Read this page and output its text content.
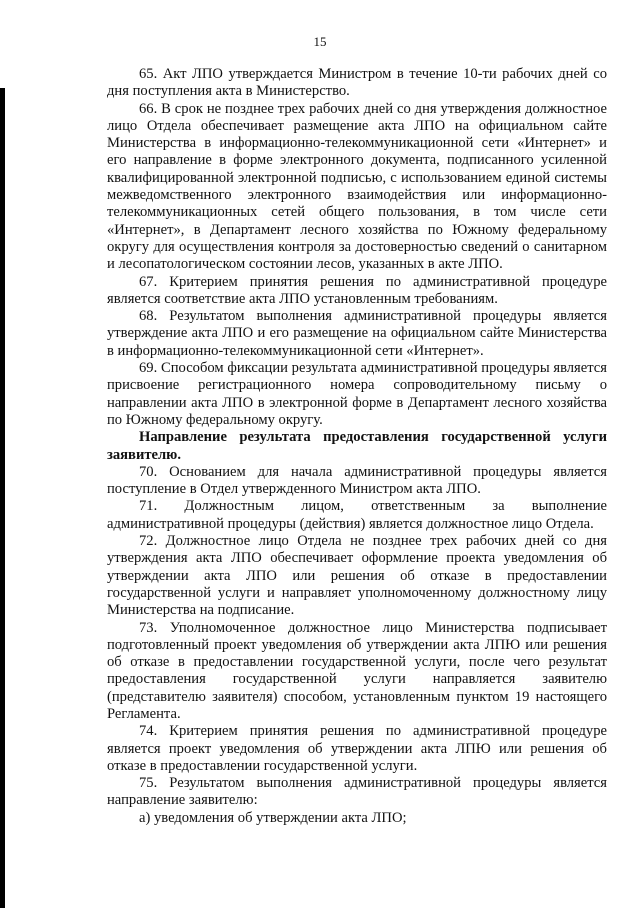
15

65. Акт ЛПО утверждается Министром в течение 10-ти рабочих дней со дня поступления акта в Министерство.

66. В срок не позднее трех рабочих дней со дня утверждения должностное лицо Отдела обеспечивает размещение акта ЛПО на официальном сайте Министерства в информационно-телекоммуникационной сети «Интернет» и его направление в форме электронного документа, подписанного усиленной квалифицированной электронной подписью, с использованием единой системы межведомственного электронного взаимодействия или информационно-телекоммуникационных сетей общего пользования, в том числе сети «Интернет», в Департамент лесного хозяйства по Южному федеральному округу для осуществления контроля за достоверностью сведений о санитарном и лесопатологическом состоянии лесов, указанных в акте ЛПО.

67. Критерием принятия решения по административной процедуре является соответствие акта ЛПО установленным требованиям.

68. Результатом выполнения административной процедуры является утверждение акта ЛПО и его размещение на официальном сайте Министерства в информационно-телекоммуникационной сети «Интернет».

69. Способом фиксации результата административной процедуры является присвоение регистрационного номера сопроводительному письму о направлении акта ЛПО в электронной форме в Департамент лесного хозяйства по Южному федеральному округу.

Направление результата предоставления государственной услуги заявителю.

70. Основанием для начала административной процедуры является поступление в Отдел утвержденного Министром акта ЛПО.

71. Должностным лицом, ответственным за выполнение административной процедуры (действия) является должностное лицо Отдела.

72. Должностное лицо Отдела не позднее трех рабочих дней со дня утверждения акта ЛПО обеспечивает оформление проекта уведомления об утверждении акта ЛПО или решения об отказе в предоставлении государственной услуги и направляет уполномоченному должностному лицу Министерства на подписание.

73. Уполномоченное должностное лицо Министерства подписывает подготовленный проект уведомления об утверждении акта ЛПЮ или решения об отказе в предоставлении государственной услуги, после чего результат предоставления государственной услуги направляется заявителю (представителю заявителя) способом, установленным пунктом 19 настоящего Регламента.

74. Критерием принятия решения по административной процедуре является проект уведомления об утверждении акта ЛПЮ или решения об отказе в предоставлении государственной услуги.

75. Результатом выполнения административной процедуры является направление заявителю:

а) уведомления об утверждении акта ЛПО;
